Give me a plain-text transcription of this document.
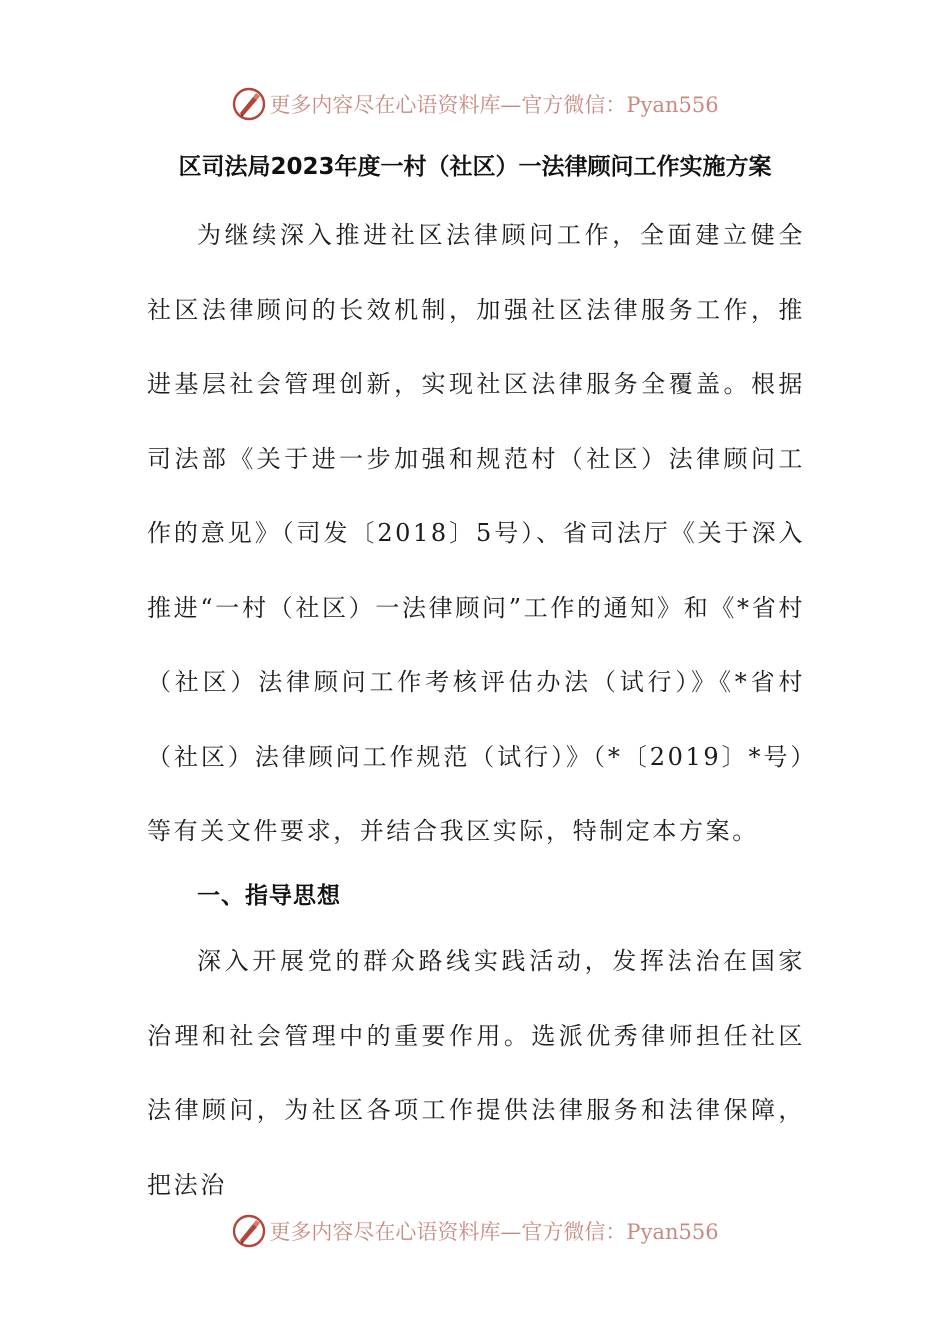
更多内容尽在心语资料库—官方微信：Pyan556
区司法局2023年度一村（社区）一法律顾问工作实施方案
为继续深入推进社区法律顾问工作，全面建立健全社区法律顾问的长效机制，加强社区法律服务工作，推进基层社会管理创新，实现社区法律服务全覆盖。根据司法部《关于进一步加强和规范村（社区）法律顾问工作的意见》（司发〔2018〕5号）、省司法厅《关于深入推进“一村（社区）一法律顾问”工作的通知》和《*省村（社区）法律顾问工作考核评估办法（试行）》《*省村（社区）法律顾问工作规范（试行）》（*〔2019〕*号）等有关文件要求，并结合我区实际，特制定本方案。
一、指导思想
深入开展党的群众路线实践活动，发挥法治在国家治理和社会管理中的重要作用。选派优秀律师担任社区法律顾问，为社区各项工作提供法律服务和法律保障，把法治
更多内容尽在心语资料库—官方微信：Pyan556
